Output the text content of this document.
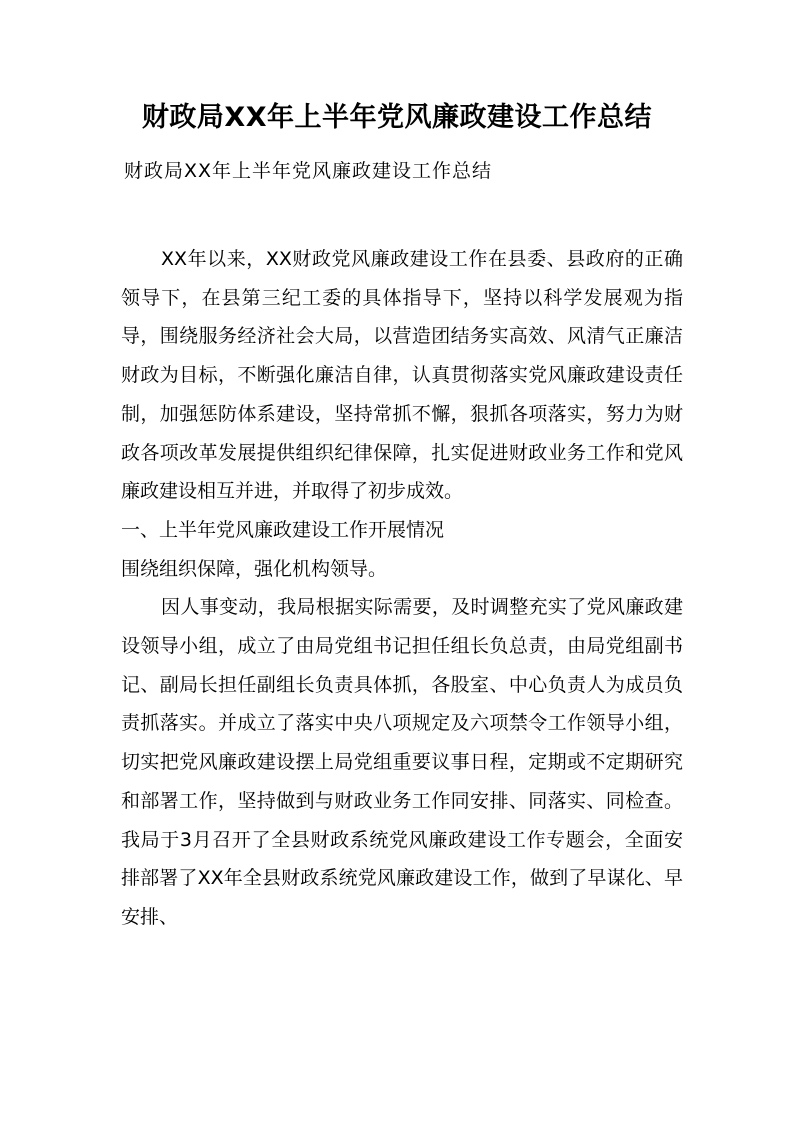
财政局XX年上半年党风廉政建设工作总结

财政局XX年上半年党风廉政建设工作总结

XX年以来，XX财政党风廉政建设工作在县委、县政府的正确领导下，在县第三纪工委的具体指导下，坚持以科学发展观为指导，围绕服务经济社会大局，以营造团结务实高效、风清气正廉洁财政为目标，不断强化廉洁自律，认真贯彻落实党风廉政建设责任制，加强惩防体系建设，坚持常抓不懈，狠抓各项落实，努力为财政各项改革发展提供组织纪律保障，扎实促进财政业务工作和党风廉政建设相互并进，并取得了初步成效。

一、上半年党风廉政建设工作开展情况

围绕组织保障，强化机构领导。

因人事变动，我局根据实际需要，及时调整充实了党风廉政建设领导小组，成立了由局党组书记担任组长负总责，由局党组副书记、副局长担任副组长负责具体抓，各股室、中心负责人为成员负责抓落实。并成立了落实中央八项规定及六项禁令工作领导小组，切实把党风廉政建设摆上局党组重要议事日程，定期或不定期研究和部署工作，坚持做到与财政业务工作同安排、同落实、同检查。我局于3月召开了全县财政系统党风廉政建设工作专题会，全面安排部署了XX年全县财政系统党风廉政建设工作，做到了早谋化、早安排、
